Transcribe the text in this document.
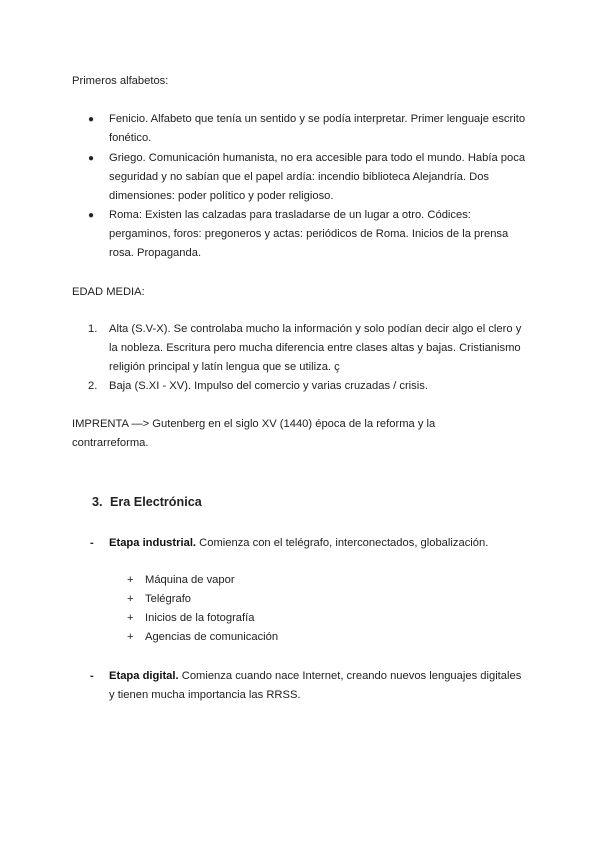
Primeros alfabetos:

● Fenicio. Alfabeto que tenía un sentido y se podía interpretar. Primer lenguaje escrito fonético.

● Griego. Comunicación humanista, no era accesible para todo el mundo. Había poca seguridad y no sabían que el papel ardía: incendio biblioteca Alejandría. Dos dimensiones: poder político y poder religioso.

● Roma: Existen las calzadas para trasladarse de un lugar a otro. Códices: pergaminos, foros: pregoneros y actas: periódicos de Roma. Inicios de la prensa rosa. Propaganda.

EDAD MEDIA:

1. Alta (S.V-X). Se controlaba mucho la información y solo podían decir algo el clero y la nobleza. Escritura pero mucha diferencia entre clases altas y bajas. Cristianismo religión principal y latín lengua que se utiliza. ç

2. Baja (S.XI - XV). Impulso del comercio y varias cruzadas / crisis.

IMPRENTA —> Gutenberg en el siglo XV (1440) época de la reforma y la contrarreforma.

3. Era Electrónica
- Etapa industrial. Comienza con el telégrafo, interconectados, globalización.

+ Máquina de vapor

+ Telégrafo

+ Inicios de la fotografía

+ Agencias de comunicación

- Etapa digital. Comienza cuando nace Internet, creando nuevos lenguajes digitales y tienen mucha importancia las RRSS.
